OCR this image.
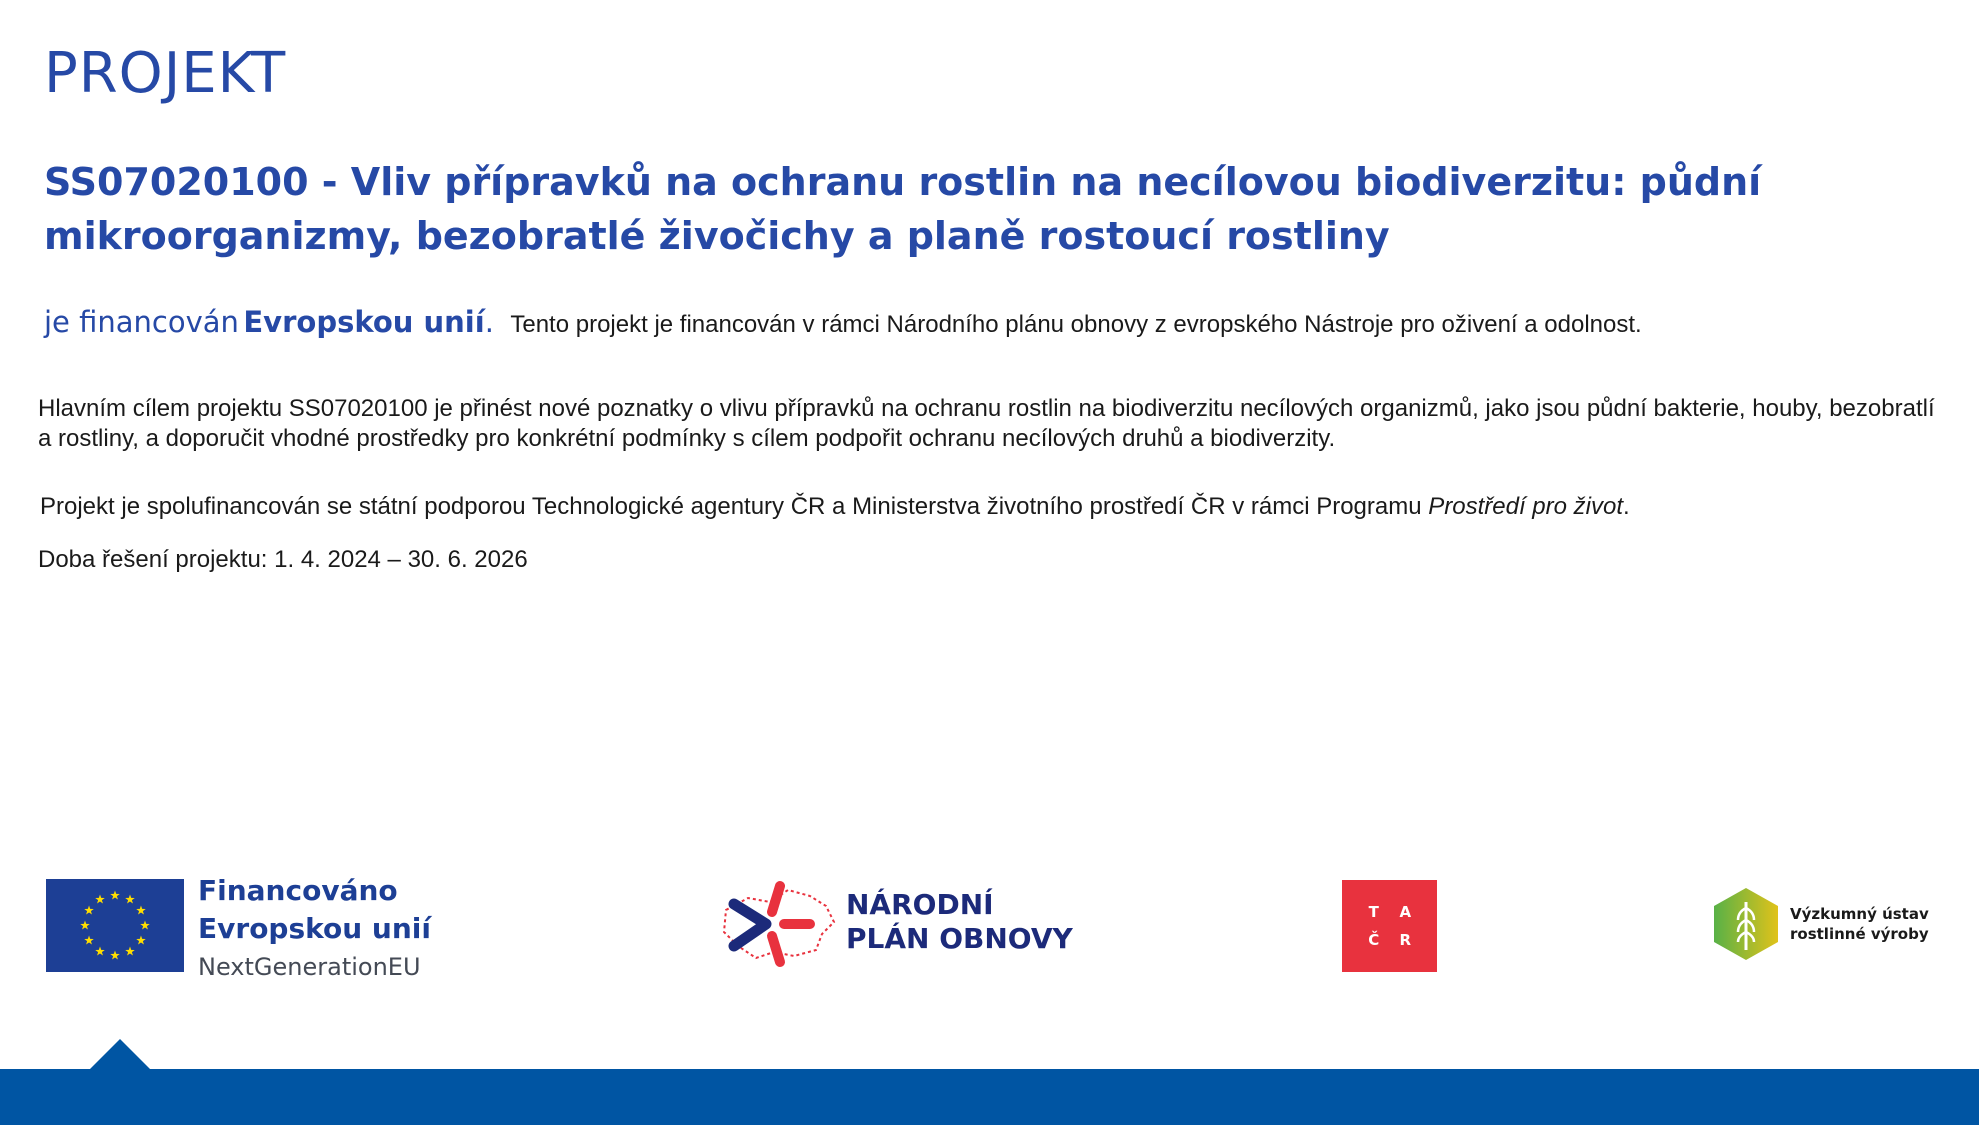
PROJEKT
SS07020100 - Vliv přípravků na ochranu rostlin na necílovou biodiverzitu: půdní mikroorganizmy, bezobratlé živočichy a planě rostoucí rostliny
je financován Evropskou unií. Tento projekt je financován v rámci Národního plánu obnovy z evropského Nástroje pro oživení a odolnost.

Hlavním cílem projektu SS07020100 je přinést nové poznatky o vlivu přípravků na ochranu rostlin na biodiverzitu necílových organizmů, jako jsou půdní bakterie, houby, bezobratlí a rostliny, a doporučit vhodné prostředky pro konkrétní podmínky s cílem podpořit ochranu necílových druhů a biodiverzity.

Projekt je spolufinancován se státní podporou Technologické agentury ČR a Ministerstva životního prostředí ČR v rámci Programu Prostředí pro život.

Doba řešení projektu: 1. 4. 2024 – 30. 6. 2026

Financováno
Evropskou unií
NextGenerationEU
NÁRODNÍ
PLÁN OBNOVY
T A
Č R
Výzkumný ústav
rostlinné výroby
